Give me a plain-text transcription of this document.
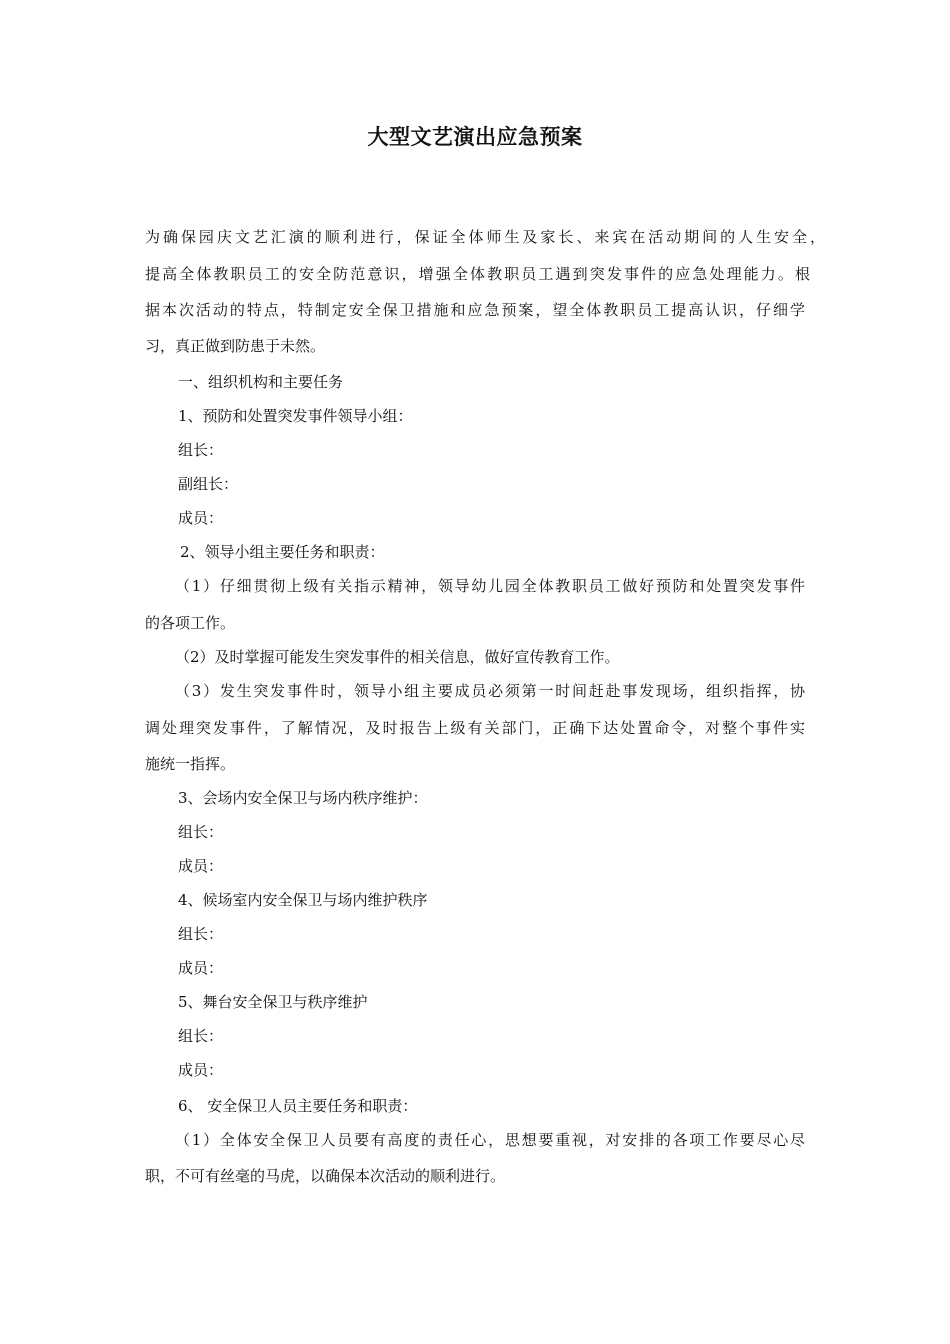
大型文艺演出应急预案
为确保园庆文艺汇演的顺利进行，保证全体师生及家长、来宾在活动期间的人生安全，
提高全体教职员工的安全防范意识，增强全体教职员工遇到突发事件的应急处理能力。根
据本次活动的特点，特制定安全保卫措施和应急预案，望全体教职员工提高认识，仔细学
习，真正做到防患于未然。
一、组织机构和主要任务
1、预防和处置突发事件领导小组：
组长：
副组长：
成员：
2、领导小组主要任务和职责：
（1）仔细贯彻上级有关指示精神，领导幼儿园全体教职员工做好预防和处置突发事件
的各项工作。
（2）及时掌握可能发生突发事件的相关信息，做好宣传教育工作。
（3）发生突发事件时，领导小组主要成员必须第一时间赶赴事发现场，组织指挥，协
调处理突发事件，了解情况，及时报告上级有关部门，正确下达处置命令，对整个事件实
施统一指挥。
3、会场内安全保卫与场内秩序维护：
组长：
成员：
4、候场室内安全保卫与场内维护秩序
组长：
成员：
5、舞台安全保卫与秩序维护
组长：
成员：
6、 安全保卫人员主要任务和职责：
（1）全体安全保卫人员要有高度的责任心，思想要重视，对安排的各项工作要尽心尽
职，不可有丝毫的马虎，以确保本次活动的顺利进行。
